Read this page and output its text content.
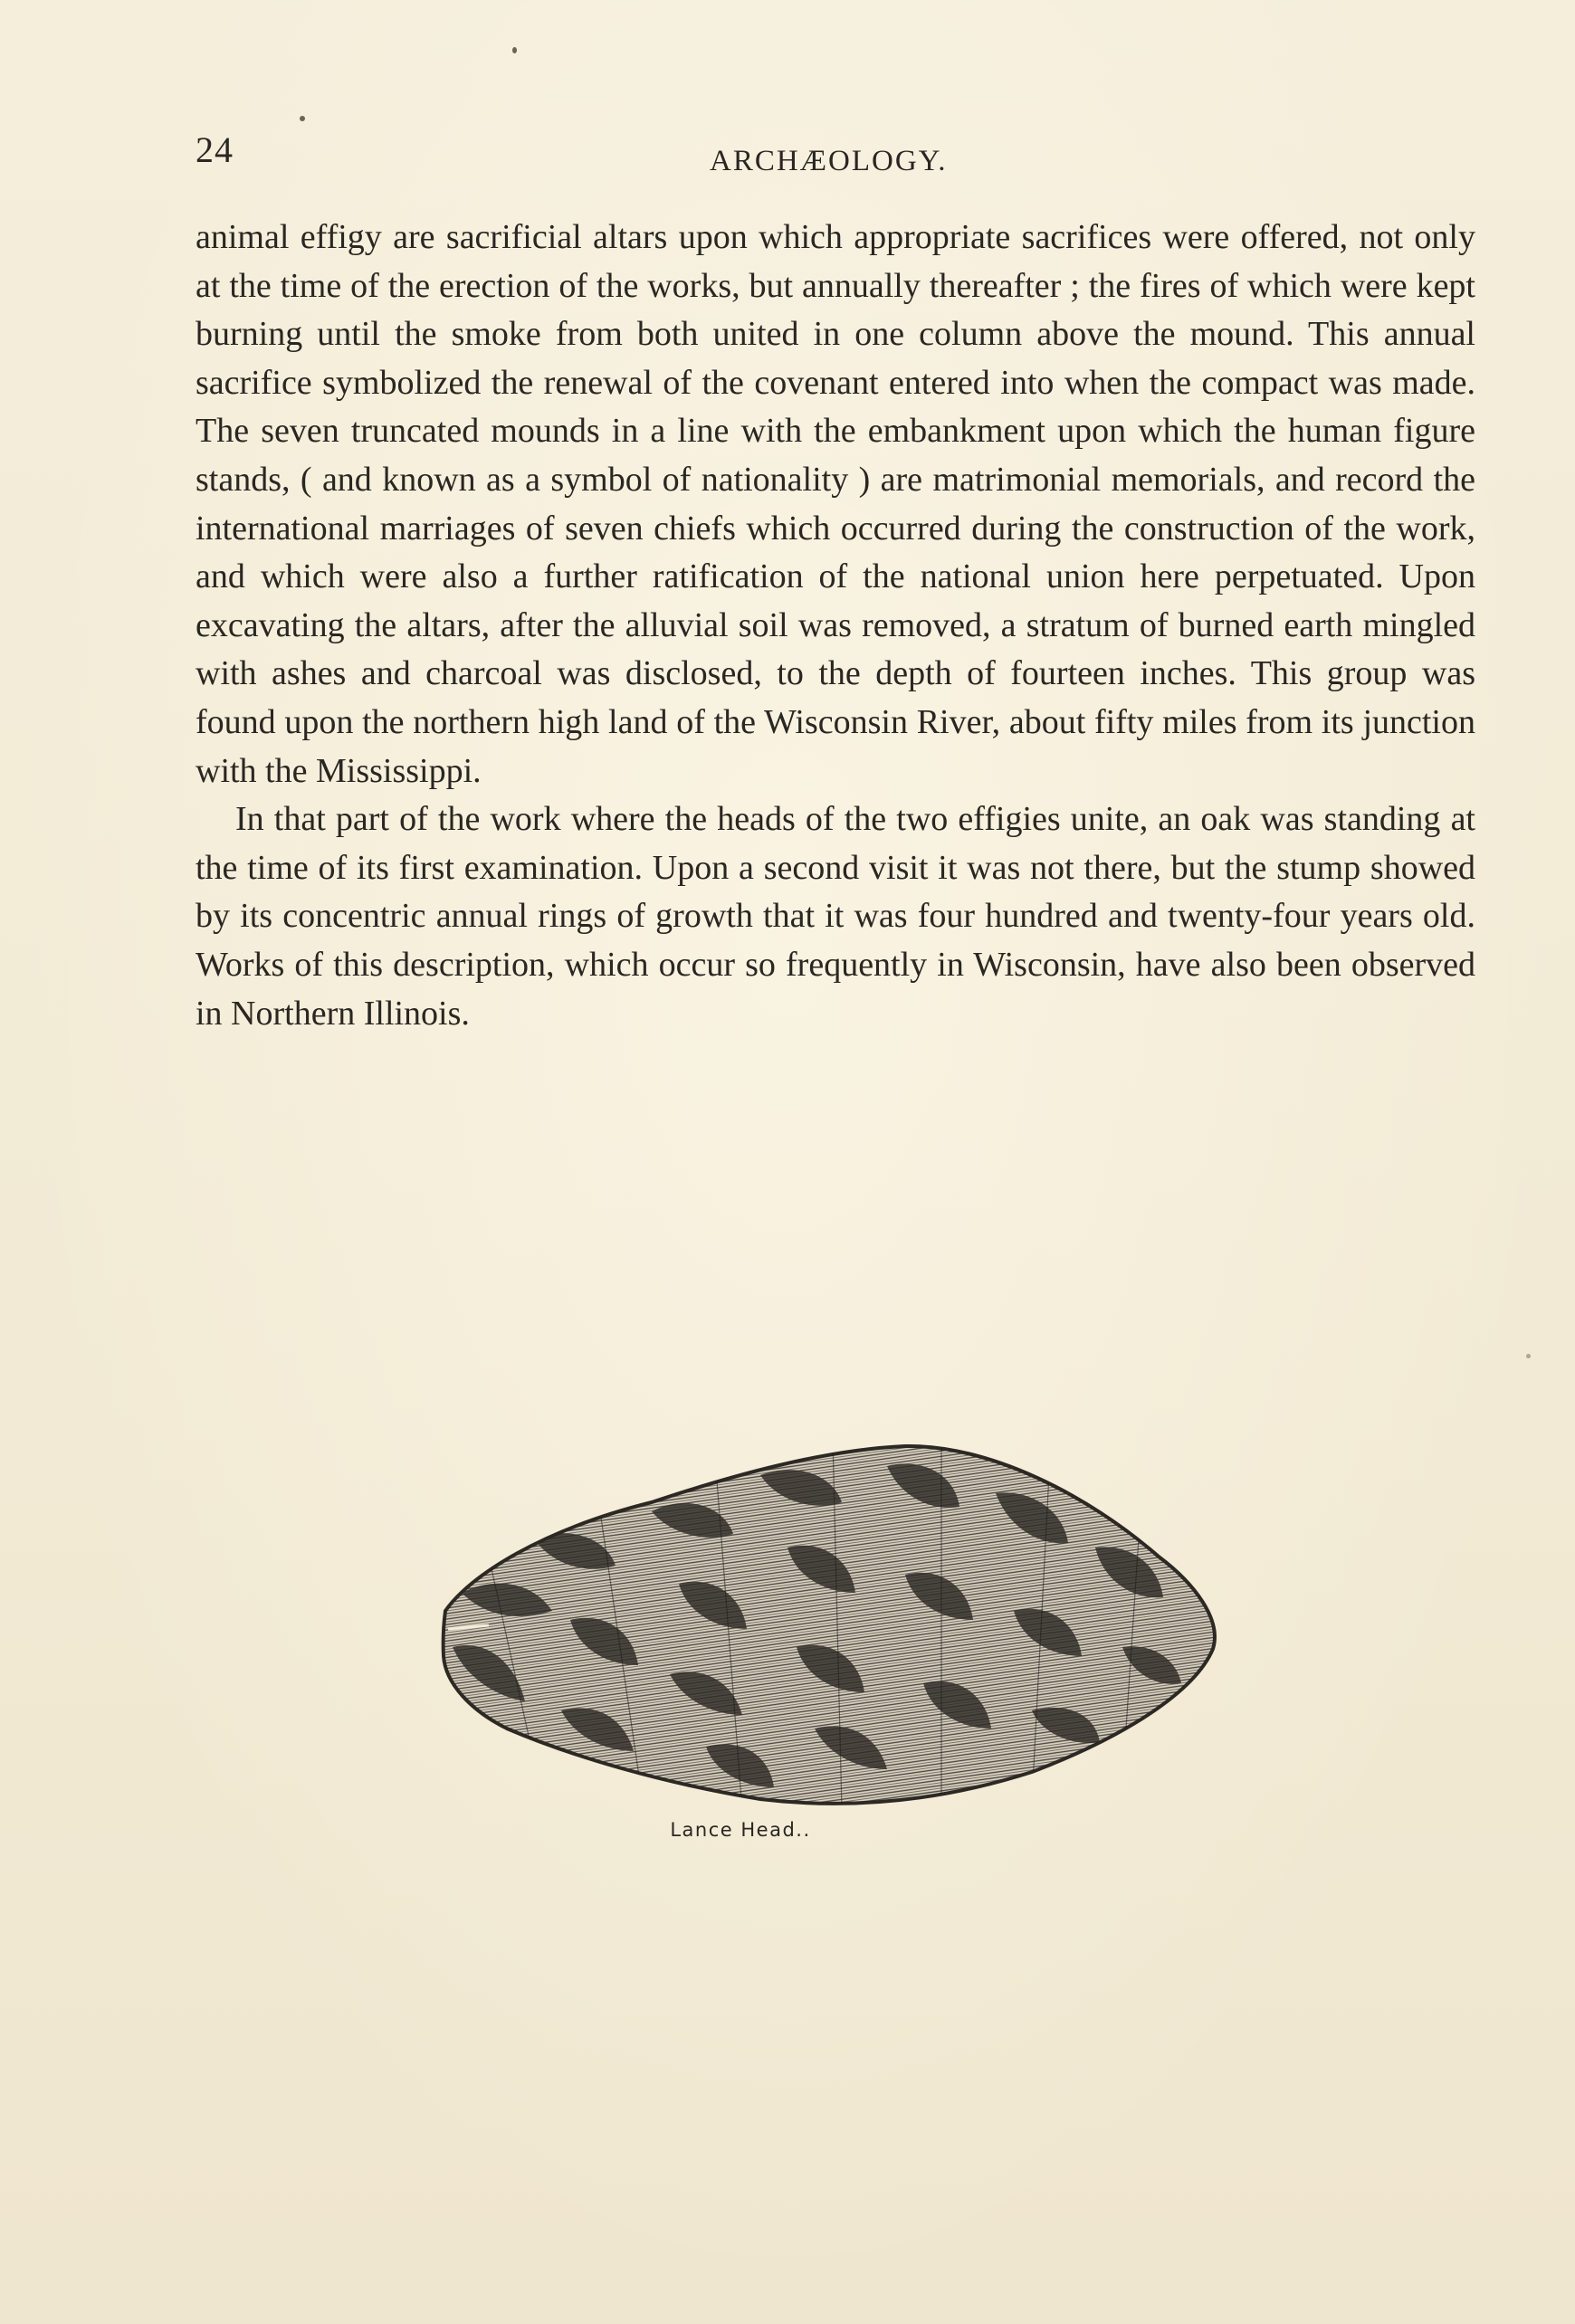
24	ARCHÆOLOGY.

animal effigy are sacrificial altars upon which appropriate sacrifices were offered, not only at the time of the erection of the works, but annually thereafter ; the fires of which were kept burning until the smoke from both united in one column above the mound. This annual sacrifice symbolized the renewal of the covenant entered into when the compact was made. The seven truncated mounds in a line with the embankment upon which the human figure stands, ( and known as a symbol of nationality ) are matrimonial memorials, and record the international marriages of seven chiefs which occurred during the construction of the work, and which were also a further ratification of the national union here perpetuated. Upon excavating the altars, after the alluvial soil was removed, a stratum of burned earth mingled with ashes and charcoal was disclosed, to the depth of fourteen inches. This group was found upon the northern high land of the Wisconsin River, about fifty miles from its junction with the Mississippi.

In that part of the work where the heads of the two effigies unite, an oak was standing at the time of its first examination. Upon a second visit it was not there, but the stump showed by its concentric annual rings of growth that it was four hundred and twenty-four years old. Works of this description, which occur so frequently in Wisconsin, have also been observed in Northern Illinois.

Lance Head..
